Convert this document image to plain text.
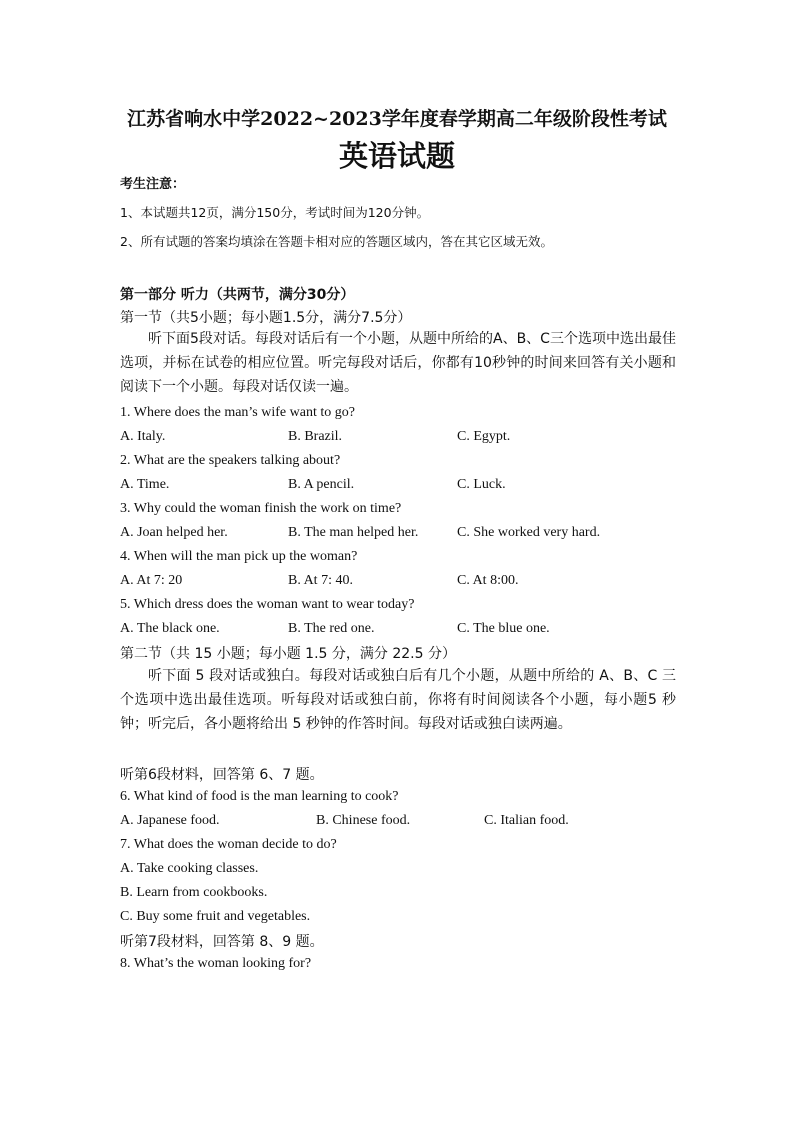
江苏省响水中学2022~2023学年度春学期高二年级阶段性考试
英语试题
考生注意：
1、本试题共12页，满分150分，考试时间为120分钟。
2、所有试题的答案均填涂在答题卡相对应的答题区域内，答在其它区域无效。
第一部分 听力（共两节，满分30分）
第一节（共5小题；每小题1.5分，满分7.5分）
听下面5段对话。每段对话后有一个小题，从题中所给的A、B、C三个选项中选出最佳选项，并标在试卷的相应位置。听完每段对话后，你都有10秒钟的时间来回答有关小题和阅读下一个小题。每段对话仅读一遍。
1. Where does the man’s wife want to go?
A. Italy.	B. Brazil.	C. Egypt.
2. What are the speakers talking about?
A. Time.	B. A pencil.	C. Luck.
3. Why could the woman finish the work on time?
A. Joan helped her.	B. The man helped her.	C. She worked very hard.
4. When will the man pick up the woman?
A. At 7: 20	B. At 7: 40.	C. At 8:00.
5. Which dress does the woman want to wear today?
A. The black one.	B. The red one.	C. The blue one.
第二节（共 15 小题；每小题 1.5 分，满分 22.5 分）
听下面 5 段对话或独白。每段对话或独白后有几个小题，从题中所给的 A、B、C 三个选项中选出最佳选项。听每段对话或独白前，你将有时间阅读各个小题，每小题5 秒钟；听完后，各小题将给出 5 秒钟的作答时间。每段对话或独白读两遍。
听第6段材料，回答第 6、7 题。
6. What kind of food is the man learning to cook?
A. Japanese food.	B. Chinese food.	C. Italian food.
7. What does the woman decide to do?
A. Take cooking classes.
B. Learn from cookbooks.
C. Buy some fruit and vegetables.
听第7段材料，回答第 8、9 题。
8. What’s the woman looking for?
